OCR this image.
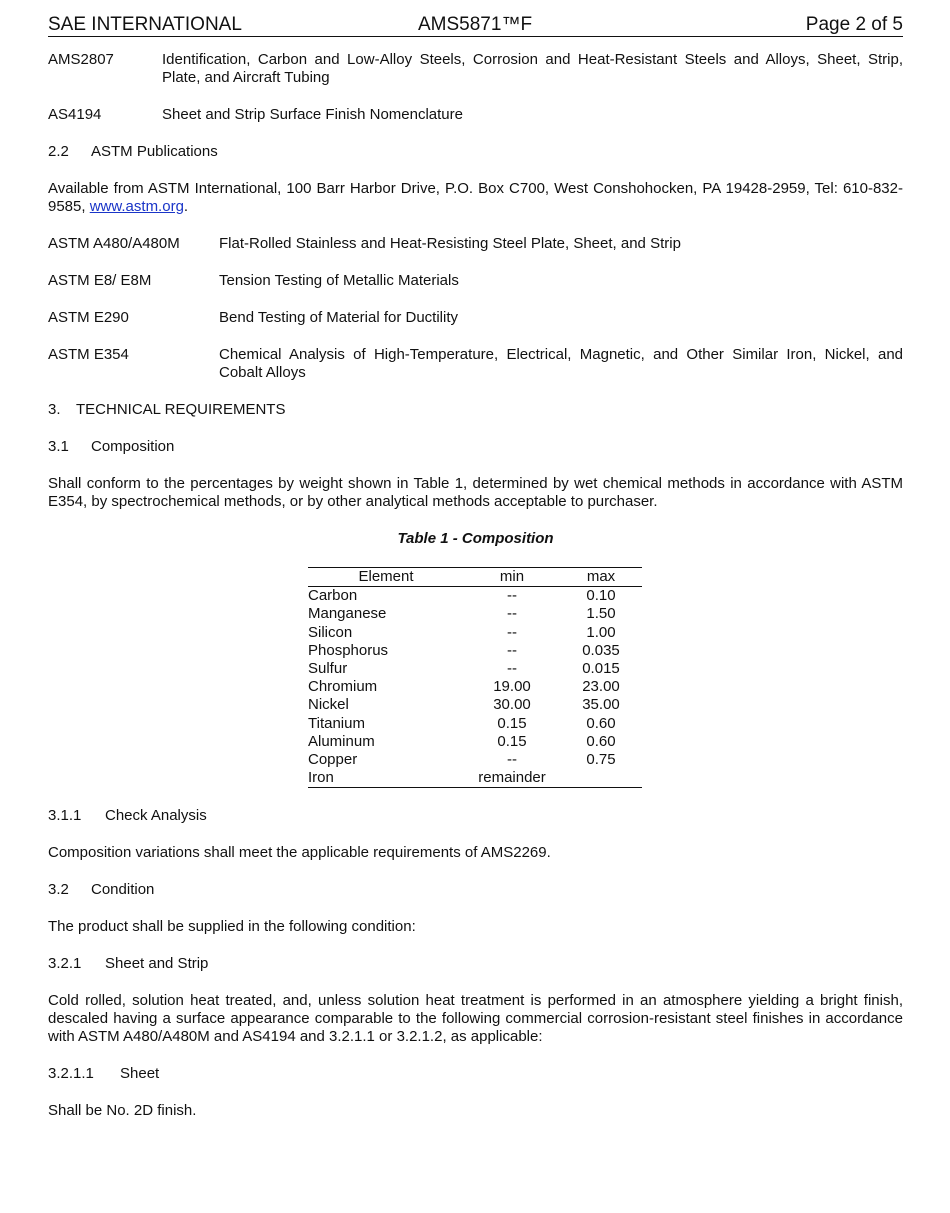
SAE INTERNATIONAL	AMS5871™F	Page 2 of 5
AMS2807	Identification, Carbon and Low-Alloy Steels, Corrosion and Heat-Resistant Steels and Alloys, Sheet, Strip, Plate, and Aircraft Tubing
AS4194	Sheet and Strip Surface Finish Nomenclature
2.2 ASTM Publications
Available from ASTM International, 100 Barr Harbor Drive, P.O. Box C700, West Conshohocken, PA 19428-2959, Tel: 610-832-9585, www.astm.org.
ASTM A480/A480M	Flat-Rolled Stainless and Heat-Resisting Steel Plate, Sheet, and Strip
ASTM E8/ E8M	Tension Testing of Metallic Materials
ASTM E290	Bend Testing of Material for Ductility
ASTM E354	Chemical Analysis of High-Temperature, Electrical, Magnetic, and Other Similar Iron, Nickel, and Cobalt Alloys
3. TECHNICAL REQUIREMENTS
3.1 Composition
Shall conform to the percentages by weight shown in Table 1, determined by wet chemical methods in accordance with ASTM E354, by spectrochemical methods, or by other analytical methods acceptable to purchaser.
Table 1 - Composition
Element	min	max
Carbon	--	0.10
Manganese	--	1.50
Silicon	--	1.00
Phosphorus	--	0.035
Sulfur	--	0.015
Chromium	19.00	23.00
Nickel	30.00	35.00
Titanium	0.15	0.60
Aluminum	0.15	0.60
Copper	--	0.75
Iron	remainder	
3.1.1 Check Analysis
Composition variations shall meet the applicable requirements of AMS2269.
3.2 Condition
The product shall be supplied in the following condition:
3.2.1 Sheet and Strip
Cold rolled, solution heat treated, and, unless solution heat treatment is performed in an atmosphere yielding a bright finish, descaled having a surface appearance comparable to the following commercial corrosion-resistant steel finishes in accordance with ASTM A480/A480M and AS4194 and 3.2.1.1 or 3.2.1.2, as applicable:
3.2.1.1 Sheet
Shall be No. 2D finish.
